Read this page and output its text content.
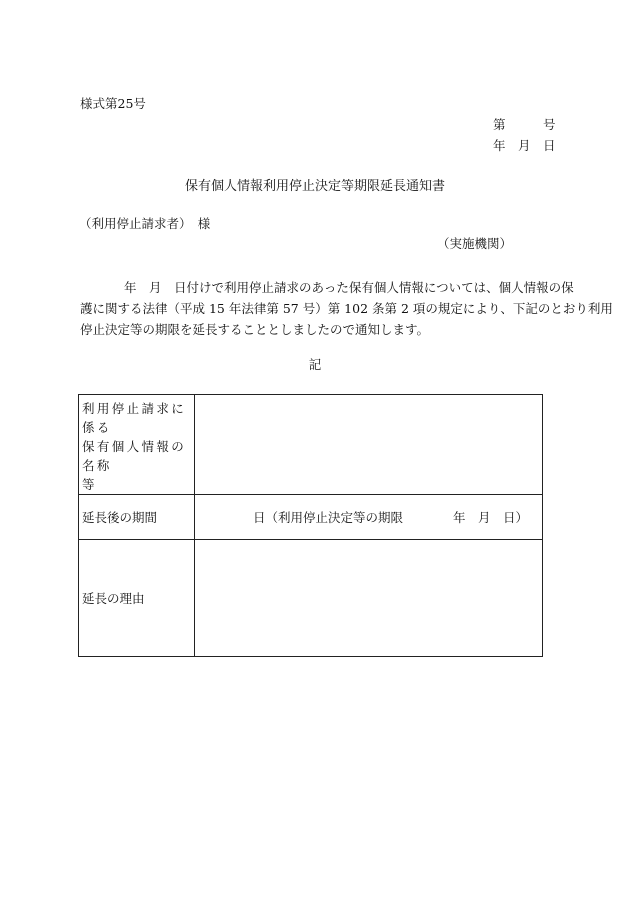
様式第25号
第　　　号
年　月　日
保有個人情報利用停止決定等期限延長通知書
（利用停止請求者）　様
（実施機関）
年　月　日付けで利用停止請求のあった保有個人情報については、個人情報の保
護に関する法律（平成 15 年法律第 57 号）第 102 条第 2 項の規定により、下記のとおり利用
停止決定等の期限を延長することとしましたので通知します。
記
利用停止請求に係る
保有個人情報の名称
等	

延長後の期間	日（利用停止決定等の期限　　　　年　月　日）
延長の理由	
